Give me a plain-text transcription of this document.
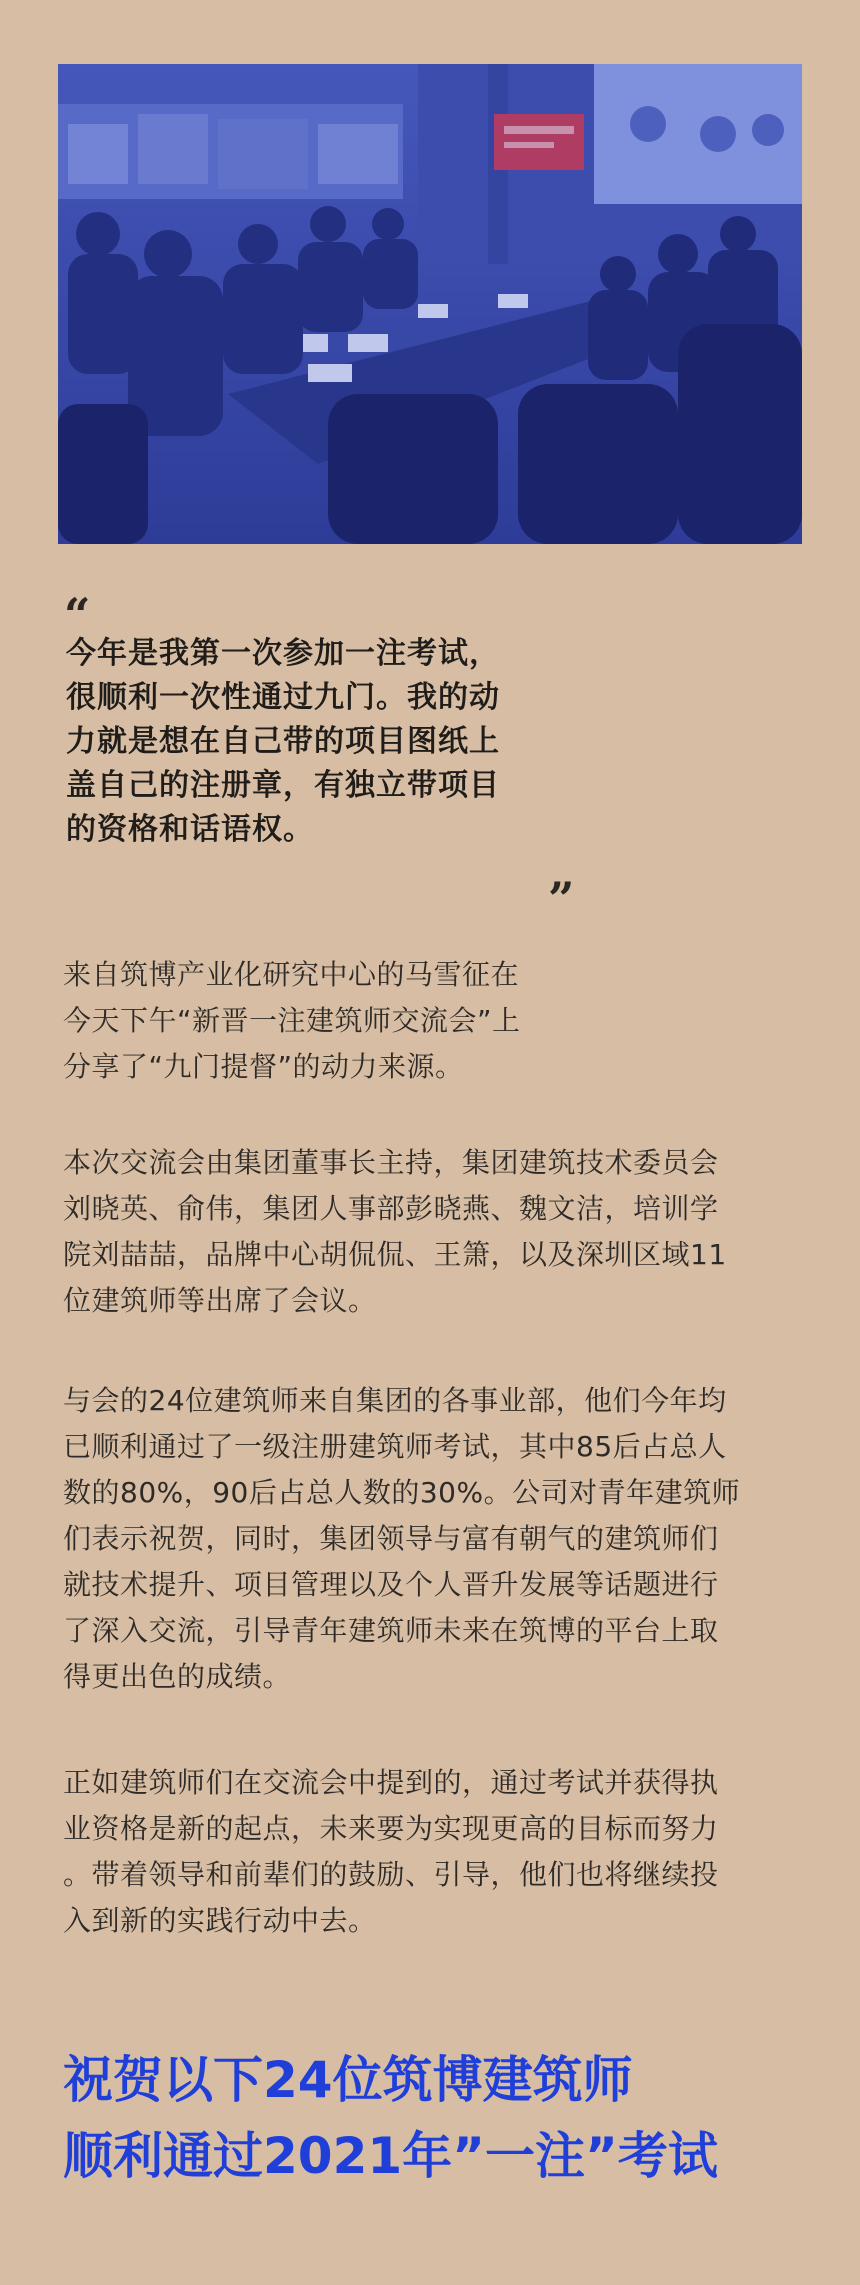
“

今年是我第一次参加一注考试，
很顺利一次性通过九门。我的动
力就是想在自己带的项目图纸上
盖自己的注册章，有独立带项目
的资格和话语权。

”

来自筑博产业化研究中心的马雪征在
今天下午“新晋一注建筑师交流会”上
分享了“九门提督”的动力来源。

本次交流会由集团董事长主持，集团建筑技术委员会
刘晓英、俞伟，集团人事部彭晓燕、魏文洁，培训学
院刘喆喆，品牌中心胡侃侃、王箫，以及深圳区域11
位建筑师等出席了会议。

与会的24位建筑师来自集团的各事业部，他们今年均
已顺利通过了一级注册建筑师考试，其中85后占总人
数的80%，90后占总人数的30%。公司对青年建筑师
们表示祝贺，同时，集团领导与富有朝气的建筑师们
就技术提升、项目管理以及个人晋升发展等话题进行
了深入交流，引导青年建筑师未来在筑博的平台上取
得更出色的成绩。

正如建筑师们在交流会中提到的，通过考试并获得执
业资格是新的起点，未来要为实现更高的目标而努力
。带着领导和前辈们的鼓励、引导，他们也将继续投
入到新的实践行动中去。

祝贺以下24位筑博建筑师
顺利通过2021年”一注”考试
